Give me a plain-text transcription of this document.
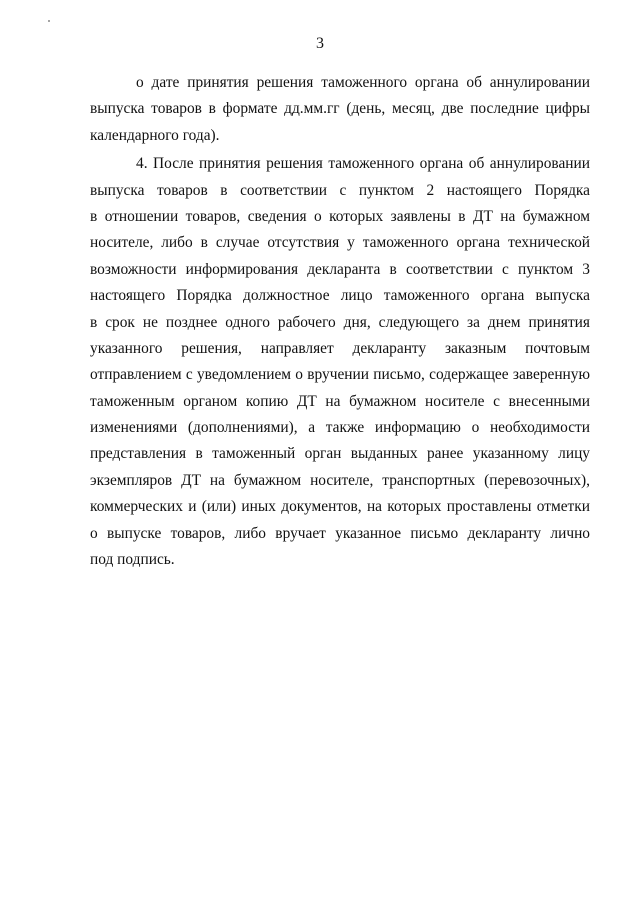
3
о дате принятия решения таможенного органа об аннулировании
выпуска товаров в формате дд.мм.гг (день, месяц, две последние цифры
календарного года).
4. После принятия решения таможенного органа об аннулировании
выпуска товаров в соответствии с пунктом 2 настоящего Порядка
в отношении товаров, сведения о которых заявлены в ДТ на бумажном
носителе, либо в случае отсутствия у таможенного органа технической
возможности информирования декларанта в соответствии с пунктом 3
настоящего Порядка должностное лицо таможенного органа выпуска
в срок не позднее одного рабочего дня, следующего за днем принятия
указанного решения, направляет декларанту заказным почтовым
отправлением с уведомлением о вручении письмо, содержащее заверенную
таможенным органом копию ДТ на бумажном носителе с внесенными
изменениями (дополнениями), а также информацию о необходимости
представления в таможенный орган выданных ранее указанному лицу
экземпляров ДТ на бумажном носителе, транспортных (перевозочных),
коммерческих и (или) иных документов, на которых проставлены отметки
о выпуске товаров, либо вручает указанное письмо декларанту лично
под подпись.
